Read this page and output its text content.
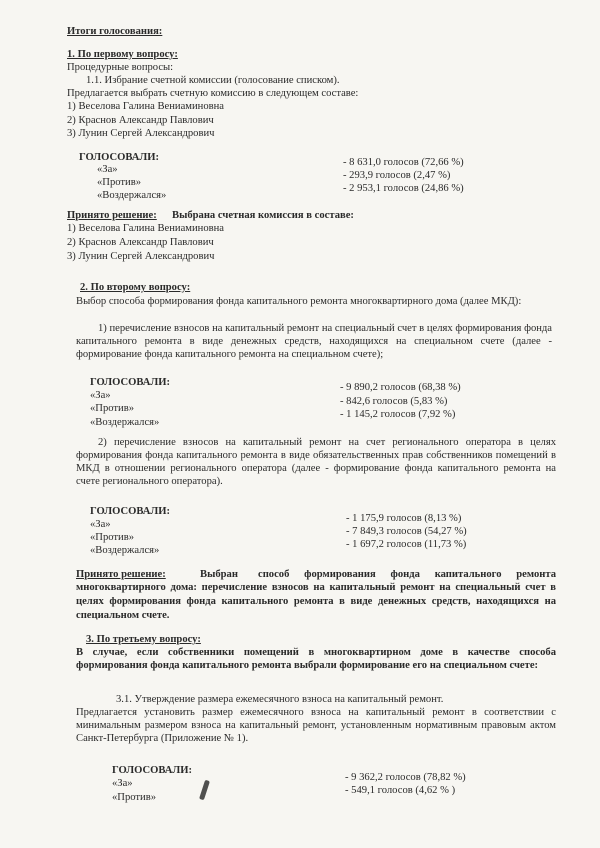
Итоги голосования:
1. По первому вопросу:
Процедурные вопросы:
1.1. Избрание счетной комиссии (голосование списком).
Предлагается выбрать счетную комиссию в следующем составе:
1) Веселова Галина Вениаминовна
2) Краснов Александр Павлович
3) Лунин Сергей Александрович
ГОЛОСОВАЛИ:
«За»
«Против»
«Воздержался»
- 8 631,0 голосов (72,66 %)
- 293,9 голосов (2,47 %)
- 2 953,1 голосов (24,86 %)
Принято решение: Выбрана счетная комиссия в составе:
1) Веселова Галина Вениаминовна
2) Краснов Александр Павлович
3) Лунин Сергей Александрович
2. По второму вопросу:
Выбор способа формирования фонда капитального ремонта многоквартирного дома (далее МКД):
1) перечисление взносов на капитальный ремонт на специальный счет в целях формирования фонда капитального ремонта в виде денежных средств, находящихся на специальном счете (далее - формирование фонда капитального ремонта на специальном счете);
ГОЛОСОВАЛИ:
«За»
«Против»
«Воздержался»
- 9 890,2 голосов (68,38 %)
- 842,6 голосов (5,83 %)
- 1 145,2 голосов (7,92 %)
2) перечисление взносов на капитальный ремонт на счет регионального оператора в целях формирования фонда капитального ремонта в виде обязательственных прав собственников помещений в МКД в отношении регионального оператора (далее - формирование фонда капитального ремонта на счете регионального оператора).
ГОЛОСОВАЛИ:
«За»
«Против»
«Воздержался»
- 1 175,9 голосов (8,13 %)
- 7 849,3 голосов (54,27 %)
- 1 697,2 голосов (11,73 %)
Принято решение:	Выбран способ формирования фонда капитального ремонта
многоквартирного дома: перечисление взносов на капитальный ремонт на специальный счет в целях формирования фонда капитального ремонта в виде денежных средств, находящихся на специальном счете.
3. По третьему вопросу:
В случае, если собственники помещений в многоквартирном доме в качестве способа формирования фонда капитального ремонта выбрали формирование его на специальном счете:
3.1. Утверждение размера ежемесячного взноса на капитальный ремонт.
Предлагается установить размер ежемесячного взноса на капитальный ремонт в соответствии с минимальным размером взноса на капитальный ремонт, установленным нормативным правовым актом Санкт-Петербурга (Приложение № 1).
ГОЛОСОВАЛИ:
«За»
«Против»
- 9 362,2 голосов (78,82 %)
- 549,1 голосов (4,62 % )
